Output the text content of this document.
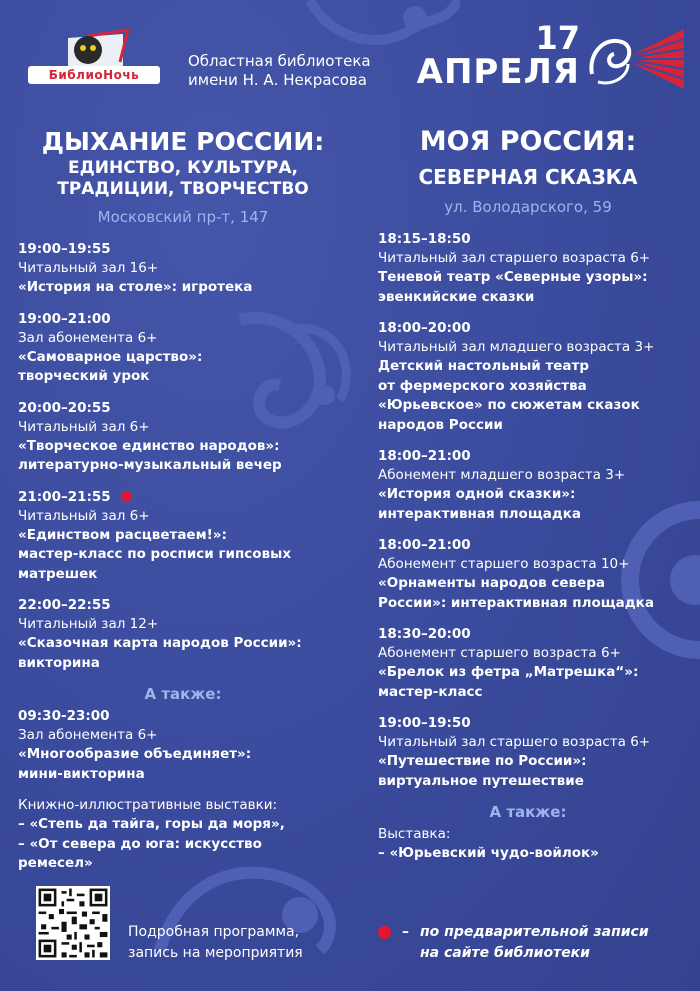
БиблиоНочь
Областная библиотека
имени Н. А. Некрасова
17
АПРЕЛЯ
ДЫХАНИЕ РОССИИ:
ЕДИНСТВО, КУЛЬТУРА,
ТРАДИЦИИ, ТВОРЧЕСТВО
Московский пр-т, 147
19:00–19:55
Читальный зал 16+
«История на столе»: игротека
19:00–21:00
Зал абонемента 6+
«Самоварное царство»:
творческий урок
20:00–20:55
Читальный зал 6+
«Творческое единство народов»:
литературно-музыкальный вечер
21:00–21:55
Читальный зал 6+
«Единством расцветаем!»:
мастер-класс по росписи гипсовых
матрешек
22:00–22:55
Читальный зал 12+
«Сказочная карта народов России»:
викторина
А также:
09:30-23:00
Зал абонемента 6+
«Многообразие объединяет»:
мини-викторина
Книжно-иллюстративные выставки:
– «Степь да тайга, горы да моря»,
– «От севера до юга: искусство
ремесел»
МОЯ РОССИЯ:
СЕВЕРНАЯ СКАЗКА
ул. Володарского, 59
18:15–18:50
Читальный зал старшего возраста 6+
Теневой театр «Северные узоры»:
эвенкийские сказки
18:00–20:00
Читальный зал младшего возраста 3+
Детский настольный театр
от фермерского хозяйства
«Юрьевское» по сюжетам сказок
народов России
18:00–21:00
Абонемент младшего возраста 3+
«История одной сказки»:
интерактивная площадка
18:00–21:00
Абонемент старшего возраста 10+
«Орнаменты народов севера
России»: интерактивная площадка
18:30–20:00
Абонемент старшего возраста 6+
«Брелок из фетра „Матрешка“»:
мастер-класс
19:00–19:50
Читальный зал старшего возраста 6+
«Путешествие по России»:
виртуальное путешествие
А также:
Выставка:
– «Юрьевский чудо-войлок»
Подробная программа,
запись на мероприятия
– по предварительной записи
на сайте библиотеки
